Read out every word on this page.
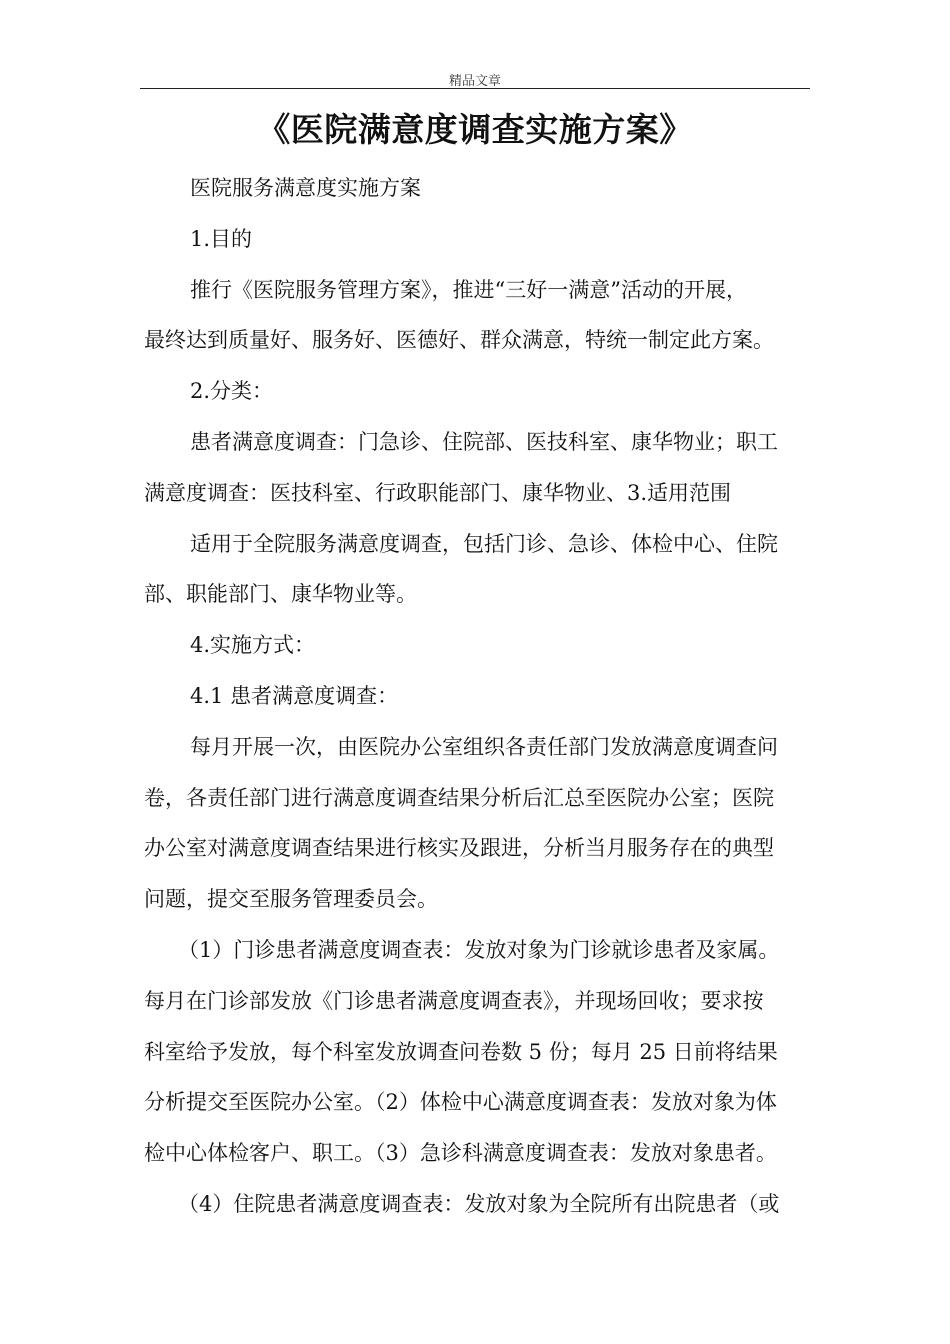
精品文章
《医院满意度调查实施方案》
医院服务满意度实施方案
1.目的
推行《医院服务管理方案》，推进“三好一满意”活动的开展，
最终达到质量好、服务好、医德好、群众满意，特统一制定此方案。
2.分类：
患者满意度调查：门急诊、住院部、医技科室、康华物业；职工
满意度调查：医技科室、行政职能部门、康华物业、3.适用范围
适用于全院服务满意度调查，包括门诊、急诊、体检中心、住院
部、职能部门、康华物业等。
4.实施方式：
4.1 患者满意度调查：
每月开展一次，由医院办公室组织各责任部门发放满意度调查问
卷，各责任部门进行满意度调查结果分析后汇总至医院办公室；医院
办公室对满意度调查结果进行核实及跟进，分析当月服务存在的典型
问题，提交至服务管理委员会。
（1）门诊患者满意度调查表：发放对象为门诊就诊患者及家属。
每月在门诊部发放《门诊患者满意度调查表》，并现场回收；要求按
科室给予发放，每个科室发放调查问卷数 5 份；每月 25 日前将结果
分析提交至医院办公室。（2）体检中心满意度调查表：发放对象为体
检中心体检客户、职工。（3）急诊科满意度调查表：发放对象患者。
（4）住院患者满意度调查表：发放对象为全院所有出院患者（或
